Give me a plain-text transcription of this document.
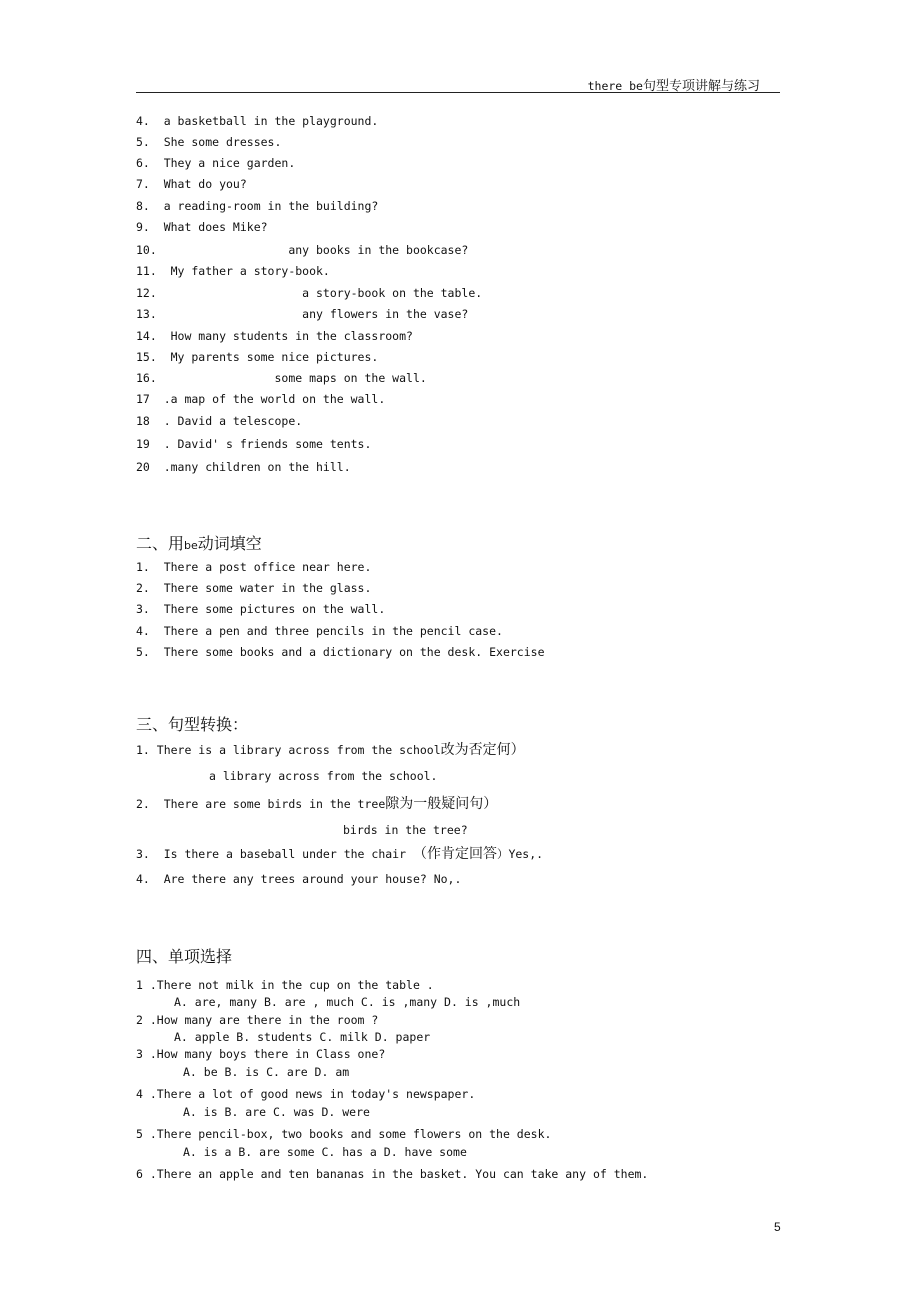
there be句型专项讲解与练习
4.  a basketball in the playground.
5.  She some dresses.
6.  They a nice garden.
7.  What do you?
8.  a reading-room in the building?
9.  What does Mike?
10.                   any books in the bookcase?
11.  My father a story-book.
12.                     a story-book on the table.
13.                     any flowers in the vase?
14.  How many students in the classroom?
15.  My parents some nice pictures.
16.                 some maps on the wall.
17  .a map of the world on the wall.
18  . David a telescope.
19  . David' s friends some tents.
20  .many children on the hill.
二、用be动词填空
1.  There a post office near here.
2.  There some water in the glass.
3.  There some pictures on the wall.
4.  There a pen and three pencils in the pencil case.
5.  There some books and a dictionary on the desk. Exercise
三、句型转换：
1. There is a library across from the school改为否定何）
a library across from the school.
2.  There are some birds in the tree隙为一般疑问句）
birds in the tree?
3.  Is there a baseball under the chair （作肯定回答）Yes,.
4.  Are there any trees around your house? No,.
四、单项选择
1 .There not milk in the cup on the table .
A. are, many B. are , much C. is ,many D. is ,much
2 .How many are there in the room ?
A. apple B. students C. milk D. paper
3 .How many boys there in Class one?
A. be B. is C. are D. am
4 .There a lot of good news in today's newspaper.
A. is B. are C. was D. were
5 .There pencil-box, two books and some flowers on the desk.
A. is a B. are some C. has a D. have some
6 .There an apple and ten bananas in the basket. You can take any of them.
5
